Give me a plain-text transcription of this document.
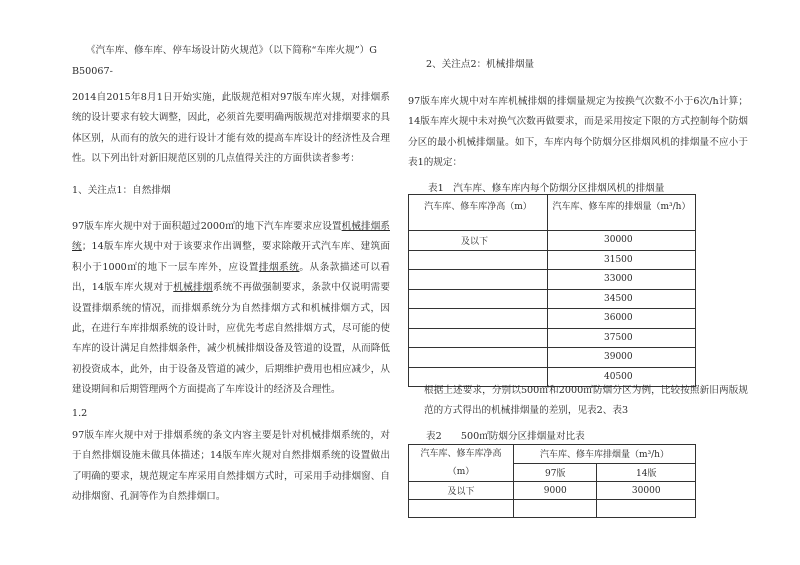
《汽车库、修车库、停车场设计防火规范》（以下简称“车库火规”）G
B50067-

2014自2015年8月1日开始实施，此版规范相对97版车库火规，对排烟系统的设计要求有较大调整，因此，必须首先要明确两版规范对排烟要求的具体区别，从而有的放矢的进行设计才能有效的提高车库设计的经济性及合理性。以下列出针对新旧规范区别的几点值得关注的方面供读者参考：

1、关注点1：自然排烟

97版车库火规中对于面积超过2000㎡的地下汽车库要求应设置机械排烟系统；14版车库火规中对于该要求作出调整，要求除敞开式汽车库、建筑面积小于1000㎡的地下一层车库外，应设置排烟系统。从条款描述可以看出，14版车库火规对于机械排烟系统不再做强制要求，条款中仅说明需要设置排烟系统的情况，而排烟系统分为自然排烟方式和机械排烟方式，因此，在进行车库排烟系统的设计时，应优先考虑自然排烟方式，尽可能的使车库的设计满足自然排烟条件，减少机械排烟设备及管道的设置，从而降低初投资成本，此外，由于设备及管道的减少，后期维护费用也相应减少，从建设期间和后期管理两个方面提高了车库设计的经济及合理性。

1.2

97版车库火规中对于排烟系统的条文内容主要是针对机械排烟系统的，对于自然排烟设施未做具体描述；14版车库火规对自然排烟系统的设置做出了明确的要求，规范规定车库采用自然排烟方式时，可采用手动排烟窗、自动排烟窗、孔洞等作为自然排烟口。

2、关注点2：机械排烟量

97版车库火规中对车库机械排烟的排烟量规定为按换气次数不小于6次/h计算；14版车库火规中未对换气次数再做要求，而是采用按定下限的方式控制每个防烟分区的最小机械排烟量。如下，车库内每个防烟分区排烟风机的排烟量不应小于表1的规定：

表1　汽车库、修车库内每个防烟分区排烟风机的排烟量
汽车库、修车库净高（m）	汽车库、修车库的排烟量（m³/h）
及以下	30000
	31500
	33000
	34500
	36000
	37500
	39000
	40500

根据上述要求，分别以500㎡和2000㎡防烟分区为例，比较按照新旧两版规范的方式得出的机械排烟量的差别，见表2、表3

表2　　500㎡防烟分区排烟量对比表
汽车库、修车库净高（m）	汽车库、修车库排烟量（m³/h）	
	97版	14版
及以下	9000	30000
